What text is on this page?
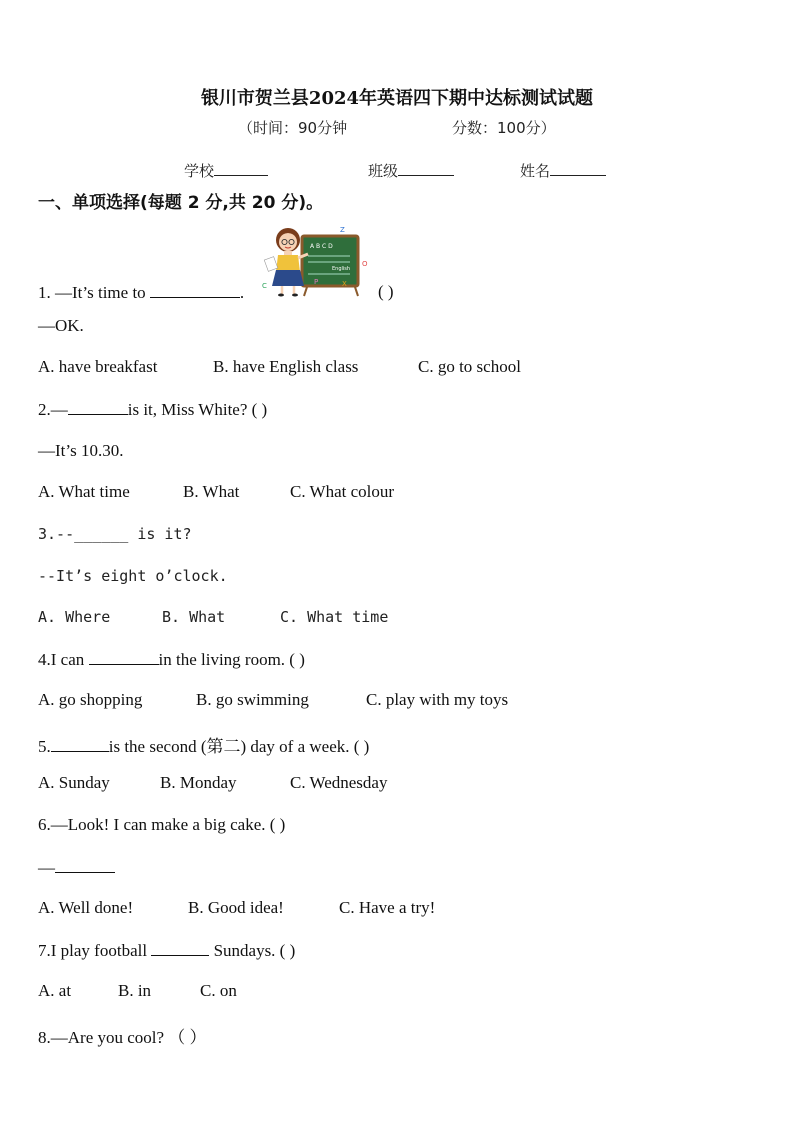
银川市贺兰县2024年英语四下期中达标测试试题
（时间：90分钟	分数：100分）
学校	班级	姓名
一、单项选择(每题 2 分,共 20 分)。
A B C D
English
Z
O
C	P	X
1. —It’s time to	.	( )
—OK.
A. have breakfast	B. have English class	C. go to school
2.—	is it, Miss White? ( )
—It’s 10.30.
A. What time	B. What	C. What colour
3.--______ is it?
--It’s eight o’clock.
A. Where	B. What	C. What time
4.I can	in the living room. ( )
A. go shopping	B. go swimming	C. play with my toys
5.	is the second (第二) day of a week. ( )
A. Sunday	B. Monday	C. Wednesday
6.—Look! I can make a big cake. ( )
—
A. Well done!	B. Good idea!	C. Have a try!
7.I play football	Sundays. ( )
A. at	B. in	C. on
8.—Are you cool? （ ）
